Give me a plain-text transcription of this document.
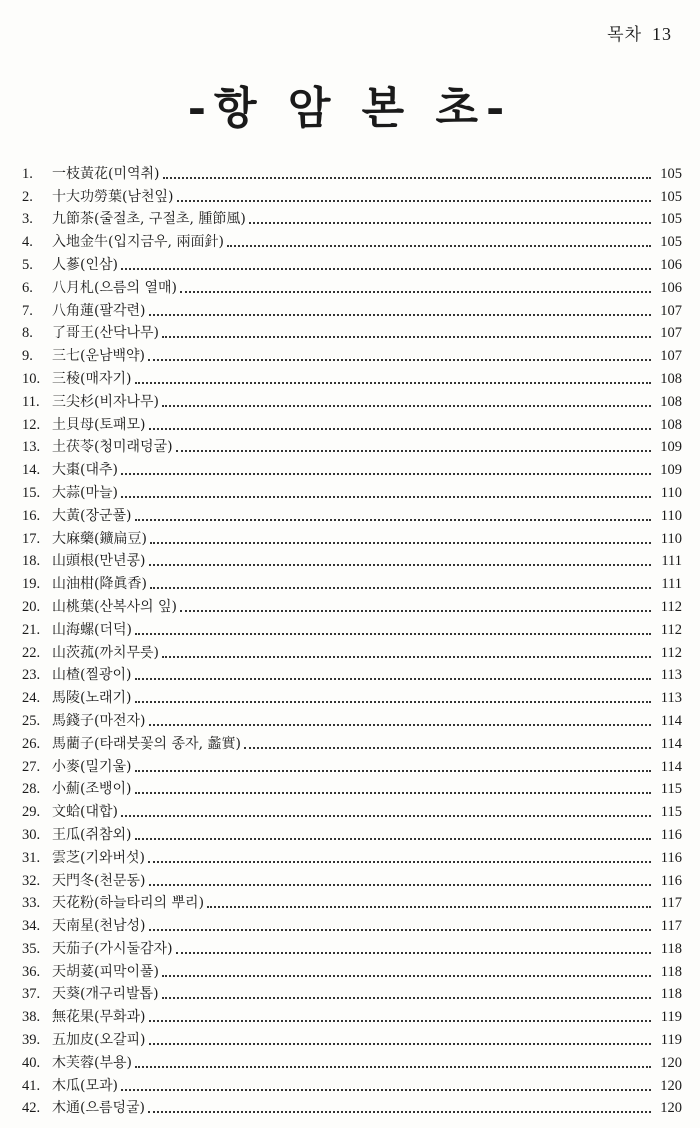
목차 13
-항 암 본 초-
1.	一枝黃花(미역취)	105
2.	十大功勞葉(남천잎)	105
3.	九節茶(줄절초, 구절초, 腫節風)	105
4.	入地金牛(입지금우, 兩面針)	105
5.	人蔘(인삼)	106
6.	八月札(으름의 열매)	106
7.	八角蓮(팔각련)	107
8.	了哥王(산닥나무)	107
9.	三七(운남백약)	107
10. 三稜(매자기)	108
11. 三尖杉(비자나무)	108
12. 土貝母(토패모)	108
13. 土茯苓(청미래덩굴)	109
14. 大棗(대추)	109
15. 大蒜(마늘)	110
16. 大黃(장군풀)	110
17. 大麻藥(鑛扁豆)	110
18. 山頭根(만년콩)	111
19. 山油柑(降眞香)	111
20. 山桃葉(산복사의 잎)	112
21. 山海螺(더덕)	112
22. 山茨菰(까치무릇)	112
23. 山楂(찔광이)	113
24. 馬陵(노래기)	113
25. 馬錢子(마전자)	114
26. 馬藺子(타래붓꽃의 종자, 蠡實)	114
27. 小麥(밀기울)	114
28. 小薊(조뱅이)	115
29. 文蛤(대합)	115
30. 王瓜(쥐참외)	116
31. 雲芝(기와버섯)	116
32. 天門冬(천문동)	116
33. 天花粉(하늘타리의 뿌리)	117
34. 天南星(천남성)	117
35. 天茄子(가시둘감자)	118
36. 天胡荽(피막이풀)	118
37. 天葵(개구리발톱)	118
38. 無花果(무화과)	119
39. 五加皮(오갈피)	119
40. 木芙蓉(부용)	120
41. 木瓜(모과)	120
42. 木通(으름덩굴)	120
